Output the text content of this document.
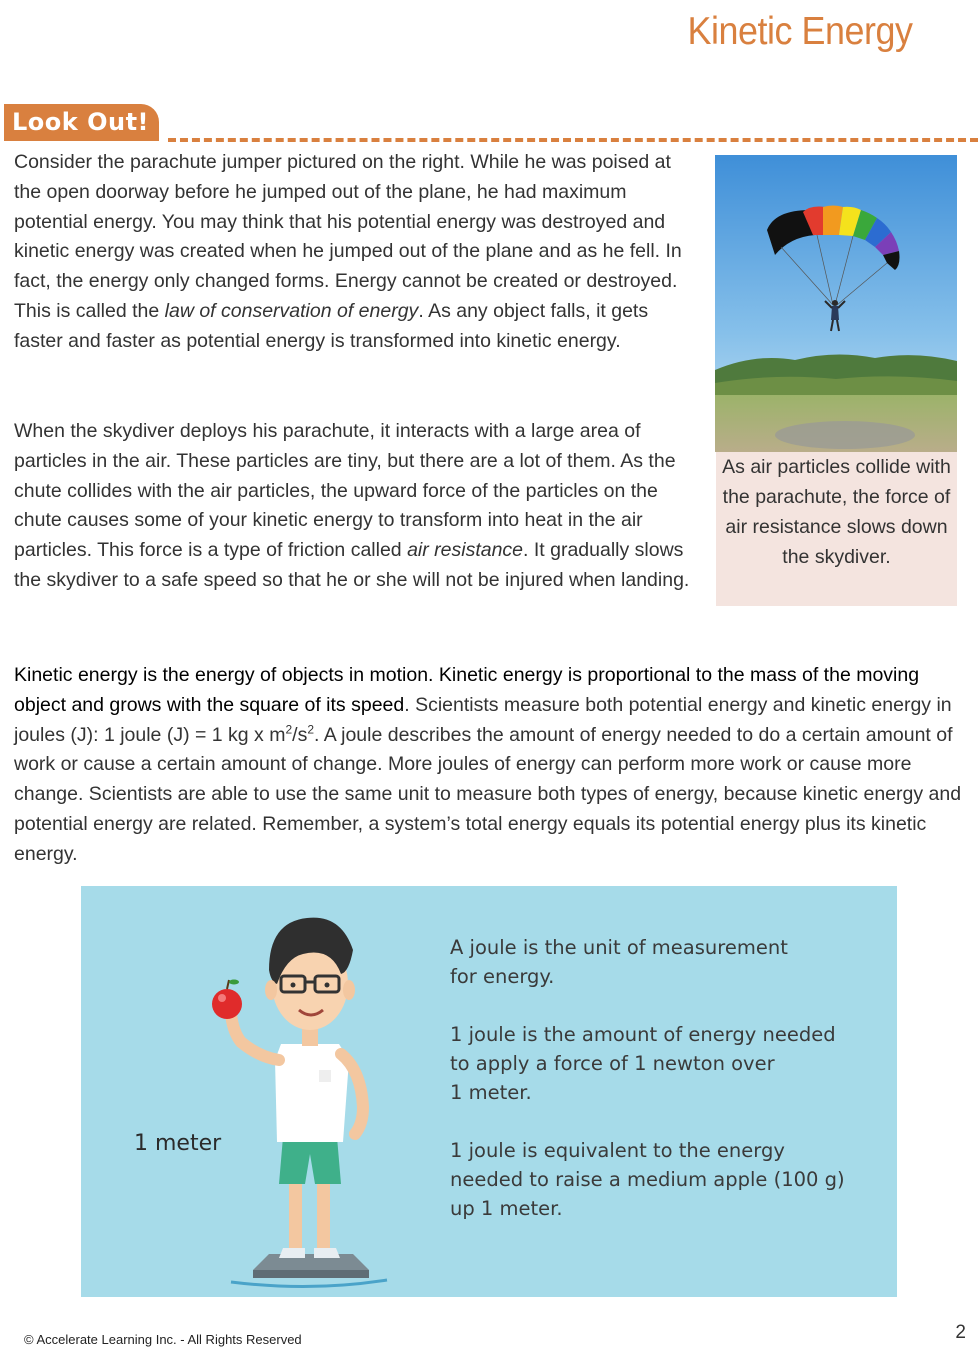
Kinetic Energy
Look Out!
Consider the parachute jumper pictured on the right. While he was poised at the open doorway before he jumped out of the plane, he had maximum potential energy. You may think that his potential energy was destroyed and kinetic energy was created when he jumped out of the plane and as he fell. In fact, the energy only changed forms. Energy cannot be created or destroyed. This is called the law of conservation of energy. As any object falls, it gets faster and faster as potential energy is transformed into kinetic energy.
When the skydiver deploys his parachute, it interacts with a large area of particles in the air. These particles are tiny, but there are a lot of them. As the chute collides with the air particles, the upward force of the particles on the chute causes some of your kinetic energy to transform into heat in the air particles. This force is a type of friction called air resistance. It gradually slows the skydiver to a safe speed so that he or she will not be injured when landing.
As air particles collide with the parachute, the force of air resistance slows down the skydiver.
Kinetic energy is the energy of objects in motion. Kinetic energy is proportional to the mass of the moving object and grows with the square of its speed. Scientists measure both potential energy and kinetic energy in joules (J): 1 joule (J) = 1 kg x $m^2/s^2$. A joule describes the amount of energy needed to do a certain amount of work or cause a certain amount of change. More joules of energy can perform more work or cause more change. Scientists are able to use the same unit to measure both types of energy, because kinetic energy and potential energy are related. Remember, a system’s total energy equals its potential energy plus its kinetic energy.
1 meter

A joule is the unit of measurement
for energy.

1 joule is the amount of energy needed
to apply a force of 1 newton over
1 meter.

1 joule is equivalent to the energy
needed to raise a medium apple (100 g)
up 1 meter.

© Accelerate Learning Inc. - All Rights Reserved	2
